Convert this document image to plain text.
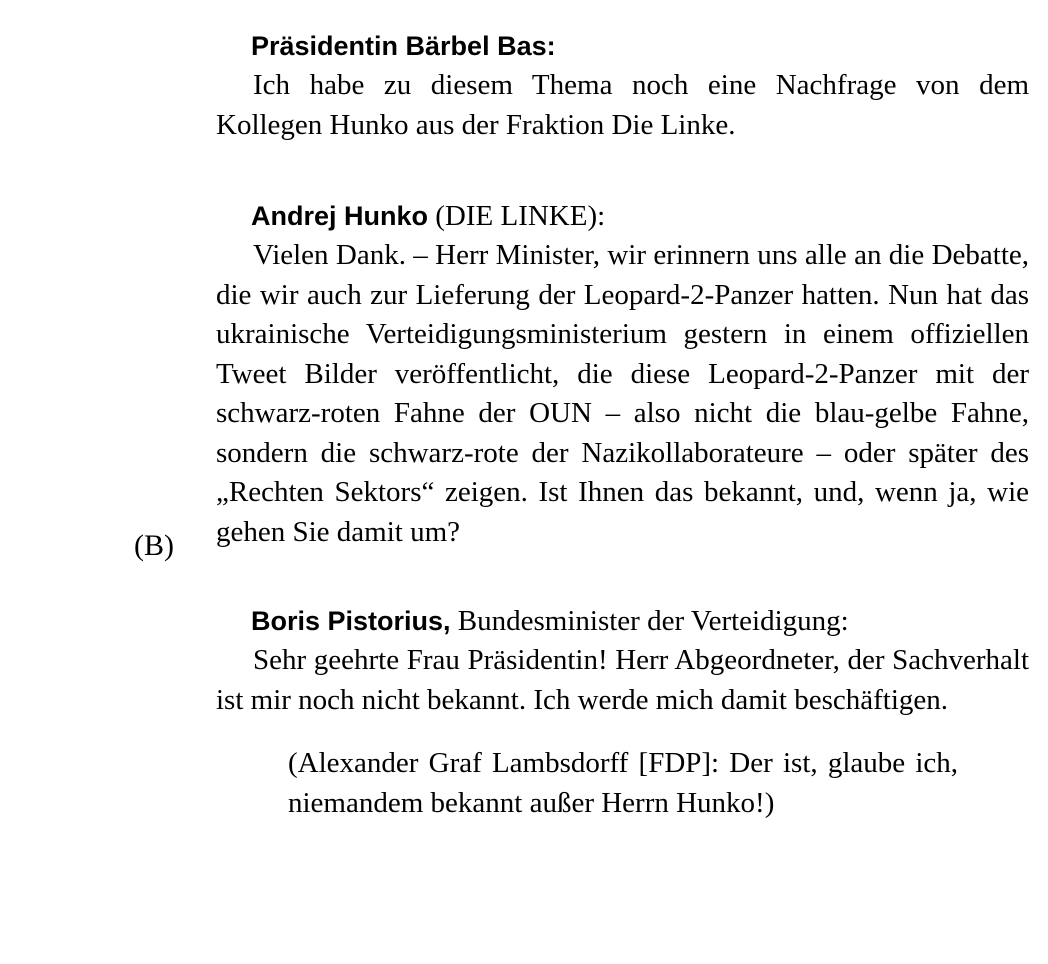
Präsidentin Bärbel Bas:

Ich habe zu diesem Thema noch eine Nachfrage von dem Kollegen Hunko aus der Fraktion Die Linke.

Andrej Hunko (DIE LINKE):

Vielen Dank. – Herr Minister, wir erinnern uns alle an die Debatte, die wir auch zur Lieferung der Leopard-2-Panzer hatten. Nun hat das ukrainische Verteidigungsministerium gestern in einem offiziellen Tweet Bilder veröffentlicht, die diese Leopard-2-Panzer mit der schwarz-roten Fahne der OUN – also nicht die blau-gelbe Fahne, sondern die schwarz-rote der Nazikollaborateure – oder später des „Rechten Sektors“ zeigen. Ist Ihnen das bekannt, und, wenn ja, wie gehen Sie damit um?

Boris Pistorius, Bundesminister der Verteidigung:

Sehr geehrte Frau Präsidentin! Herr Abgeordneter, der Sachverhalt ist mir noch nicht bekannt. Ich werde mich damit beschäftigen.

(Alexander Graf Lambsdorff [FDP]: Der ist, glaube ich, niemandem bekannt außer Herrn Hunko!)

(B)
